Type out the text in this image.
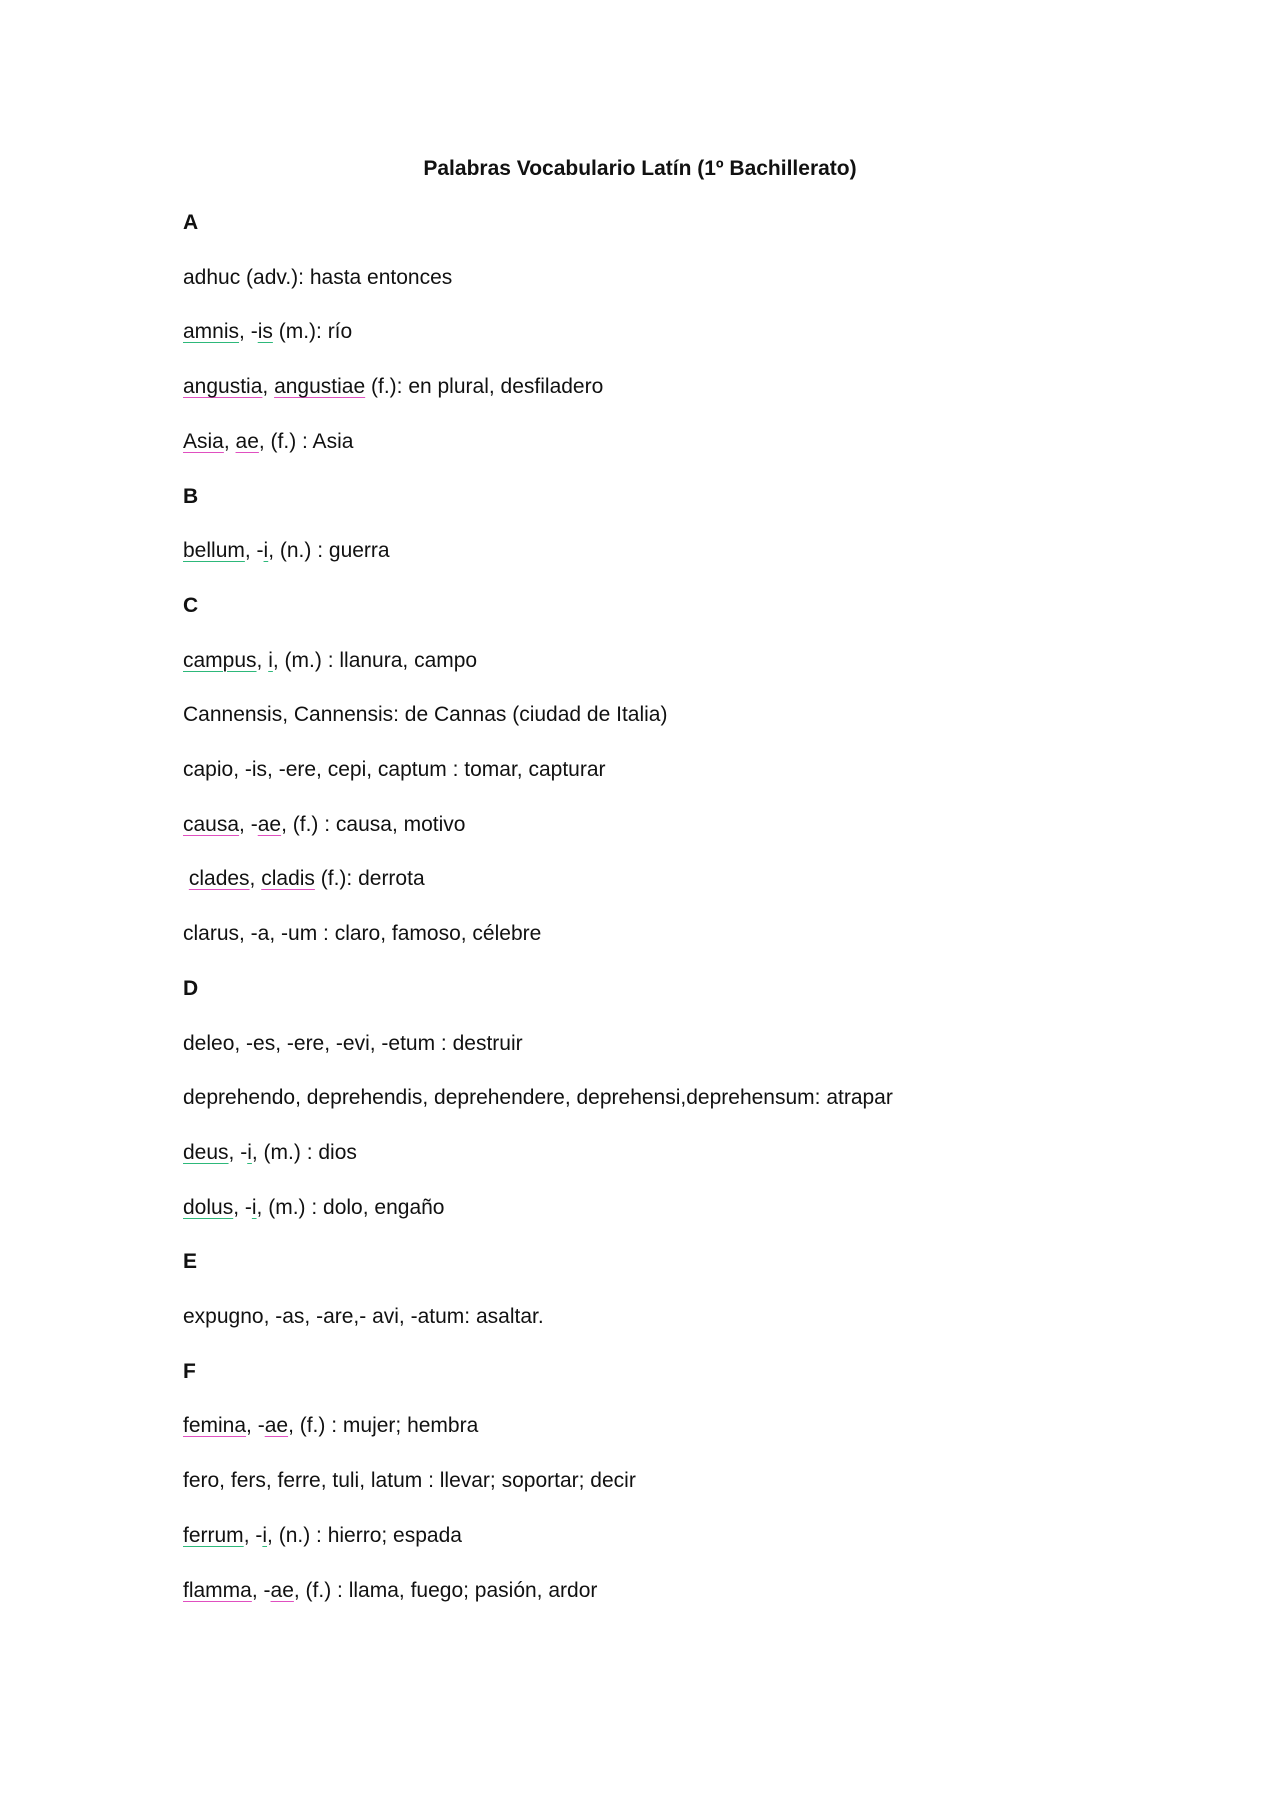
Palabras Vocabulario Latín (1º Bachillerato)
A
adhuc (adv.): hasta entonces
amnis, -is (m.): río
angustia, angustiae (f.): en plural, desfiladero
Asia, ae, (f.) : Asia
B
bellum, -i, (n.) : guerra
C
campus, i, (m.) : llanura, campo
Cannensis, Cannensis: de Cannas (ciudad de Italia)
capio, -is, -ere, cepi, captum : tomar, capturar
causa, -ae, (f.) : causa, motivo
clades, cladis (f.): derrota
clarus, -a, -um : claro, famoso, célebre
D
deleo, -es, -ere, -evi, -etum : destruir
deprehendo, deprehendis, deprehendere, deprehensi,deprehensum: atrapar
deus, -i, (m.) : dios
dolus, -i, (m.) : dolo, engaño
E
expugno, -as, -are,- avi, -atum: asaltar.
F
femina, -ae, (f.) : mujer; hembra
fero, fers, ferre, tuli, latum : llevar; soportar; decir
ferrum, -i, (n.) : hierro; espada
flamma, -ae, (f.) : llama, fuego; pasión, ardor
